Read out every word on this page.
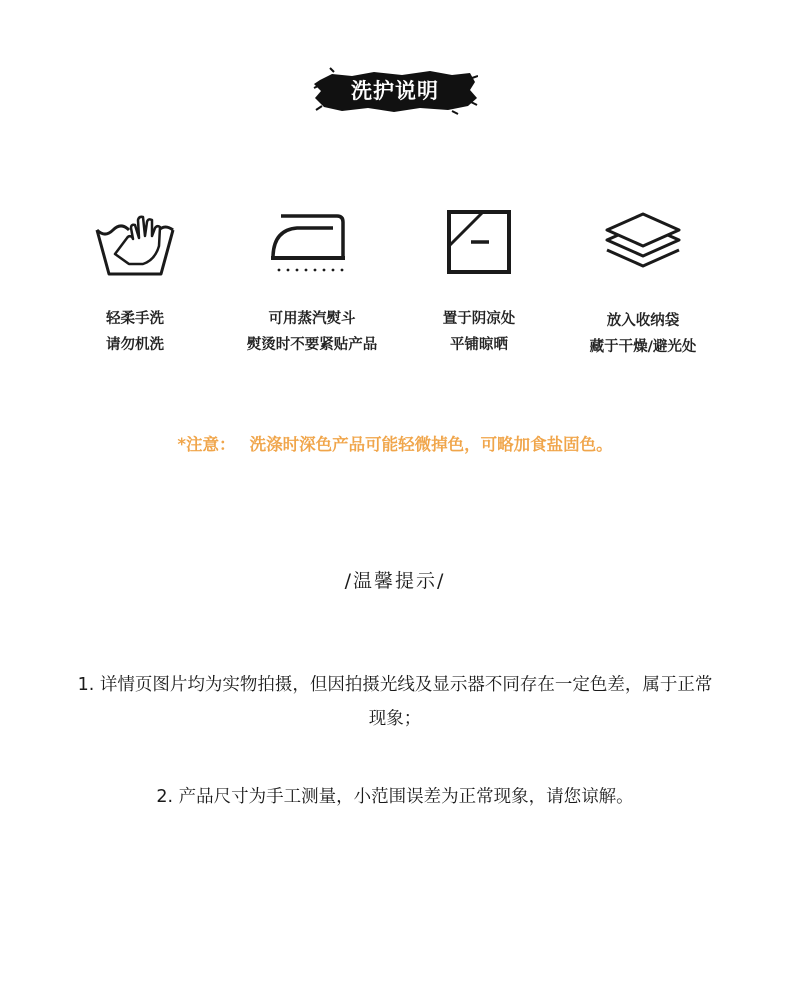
洗护说明
轻柔手洗
请勿机洗
可用蒸汽熨斗
熨烫时不要紧贴产品
置于阴凉处
平铺晾晒
放入收纳袋
藏于干燥/避光处
*注意： 洗涤时深色产品可能轻微掉色，可略加食盐固色。
/温馨提示/
1. 详情页图片均为实物拍摄，但因拍摄光线及显示器不同存在一定色差，属于正常现象；
2. 产品尺寸为手工测量，小范围误差为正常现象，请您谅解。
